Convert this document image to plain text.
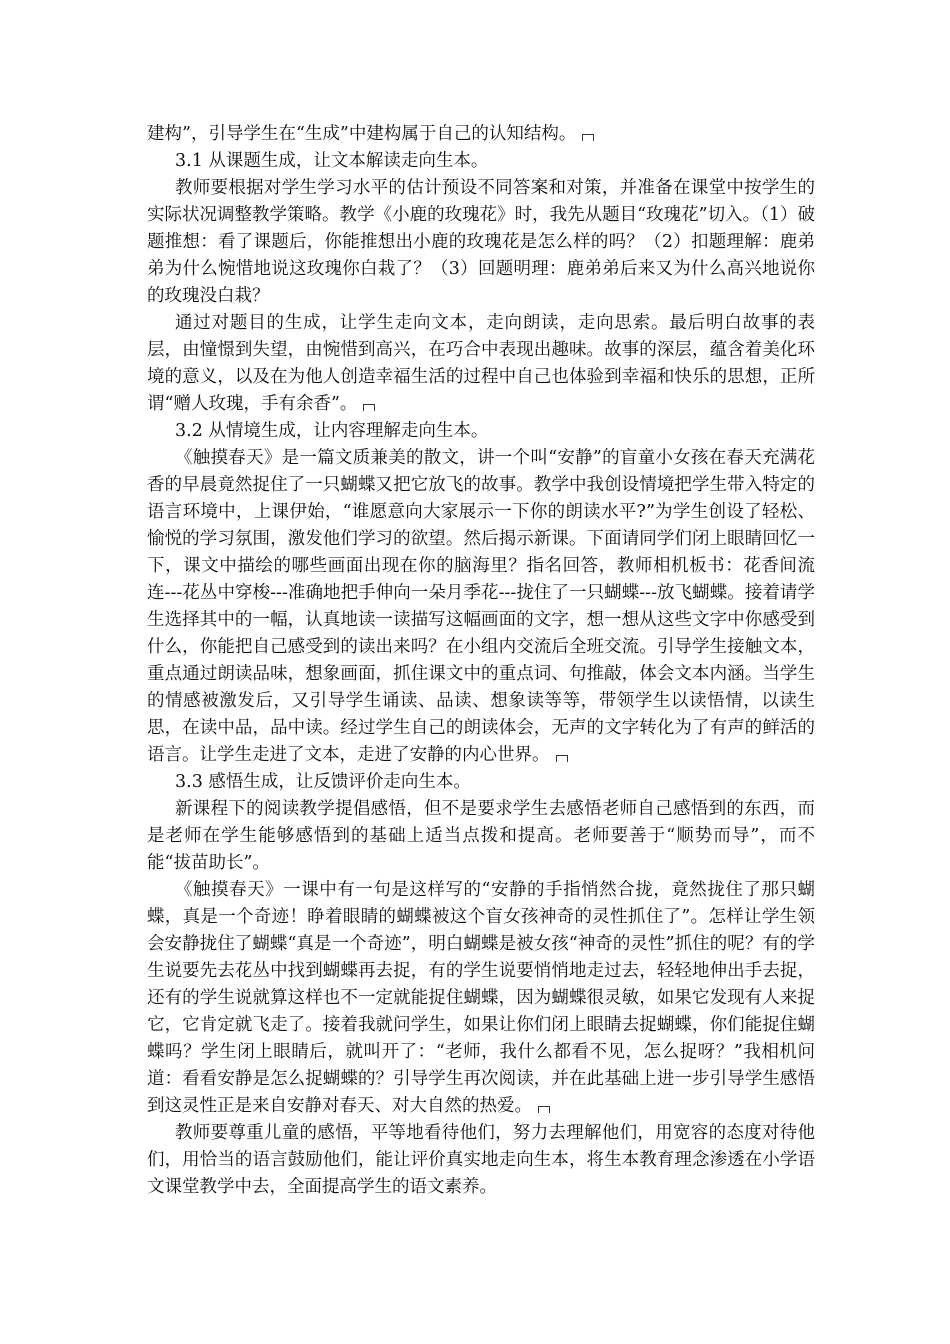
建构”，引导学生在“生成”中建构属于自己的认知结构。

3.1 从课题生成，让文本解读走向生本。

教师要根据对学生学习水平的估计预设不同答案和对策，并准备在课堂中按学生的实际状况调整教学策略。教学《小鹿的玫瑰花》时，我先从题目“玫瑰花”切入。（1）破题推想：看了课题后，你能推想出小鹿的玫瑰花是怎么样的吗？（2）扣题理解：鹿弟弟为什么惋惜地说这玫瑰你白栽了？（3）回题明理：鹿弟弟后来又为什么高兴地说你的玫瑰没白栽？

通过对题目的生成，让学生走向文本，走向朗读，走向思索。最后明白故事的表层，由憧憬到失望，由惋惜到高兴，在巧合中表现出趣味。故事的深层，蕴含着美化环境的意义，以及在为他人创造幸福生活的过程中自己也体验到幸福和快乐的思想，正所谓“赠人玫瑰，手有余香”。

3.2 从情境生成，让内容理解走向生本。

《触摸春天》是一篇文质兼美的散文，讲一个叫“安静”的盲童小女孩在春天充满花香的早晨竟然捉住了一只蝴蝶又把它放飞的故事。教学中我创设情境把学生带入特定的语言环境中，上课伊始，“谁愿意向大家展示一下你的朗读水平?”为学生创设了轻松、愉悦的学习氛围，激发他们学习的欲望。然后揭示新课。下面请同学们闭上眼睛回忆一下，课文中描绘的哪些画面出现在你的脑海里？指名回答，教师相机板书：花香间流连---花丛中穿梭---准确地把手伸向一朵月季花---拢住了一只蝴蝶---放飞蝴蝶。接着请学生选择其中的一幅，认真地读一读描写这幅画面的文字，想一想从这些文字中你感受到什么，你能把自己感受到的读出来吗？在小组内交流后全班交流。引导学生接触文本，重点通过朗读品味，想象画面，抓住课文中的重点词、句推敲，体会文本内涵。当学生的情感被激发后，又引导学生诵读、品读、想象读等等，带领学生以读悟情，以读生思，在读中品，品中读。经过学生自己的朗读体会，无声的文字转化为了有声的鲜活的语言。让学生走进了文本，走进了安静的内心世界。

3.3 感悟生成，让反馈评价走向生本。

新课程下的阅读教学提倡感悟，但不是要求学生去感悟老师自己感悟到的东西，而是老师在学生能够感悟到的基础上适当点拨和提高。老师要善于“顺势而导”，而不能“拔苗助长”。

《触摸春天》一课中有一句是这样写的“安静的手指悄然合拢，竟然拢住了那只蝴蝶，真是一个奇迹！睁着眼睛的蝴蝶被这个盲女孩神奇的灵性抓住了”。怎样让学生领会安静拢住了蝴蝶“真是一个奇迹”，明白蝴蝶是被女孩“神奇的灵性”抓住的呢？有的学生说要先去花丛中找到蝴蝶再去捉，有的学生说要悄悄地走过去，轻轻地伸出手去捉，还有的学生说就算这样也不一定就能捉住蝴蝶，因为蝴蝶很灵敏，如果它发现有人来捉它，它肯定就飞走了。接着我就问学生，如果让你们闭上眼睛去捉蝴蝶，你们能捉住蝴蝶吗？学生闭上眼睛后，就叫开了：“老师，我什么都看不见，怎么捉呀？”我相机问道：看看安静是怎么捉蝴蝶的？引导学生再次阅读，并在此基础上进一步引导学生感悟到这灵性正是来自安静对春天、对大自然的热爱。

教师要尊重儿童的感悟，平等地看待他们，努力去理解他们，用宽容的态度对待他们，用恰当的语言鼓励他们，能让评价真实地走向生本，将生本教育理念渗透在小学语文课堂教学中去，全面提高学生的语文素养。
